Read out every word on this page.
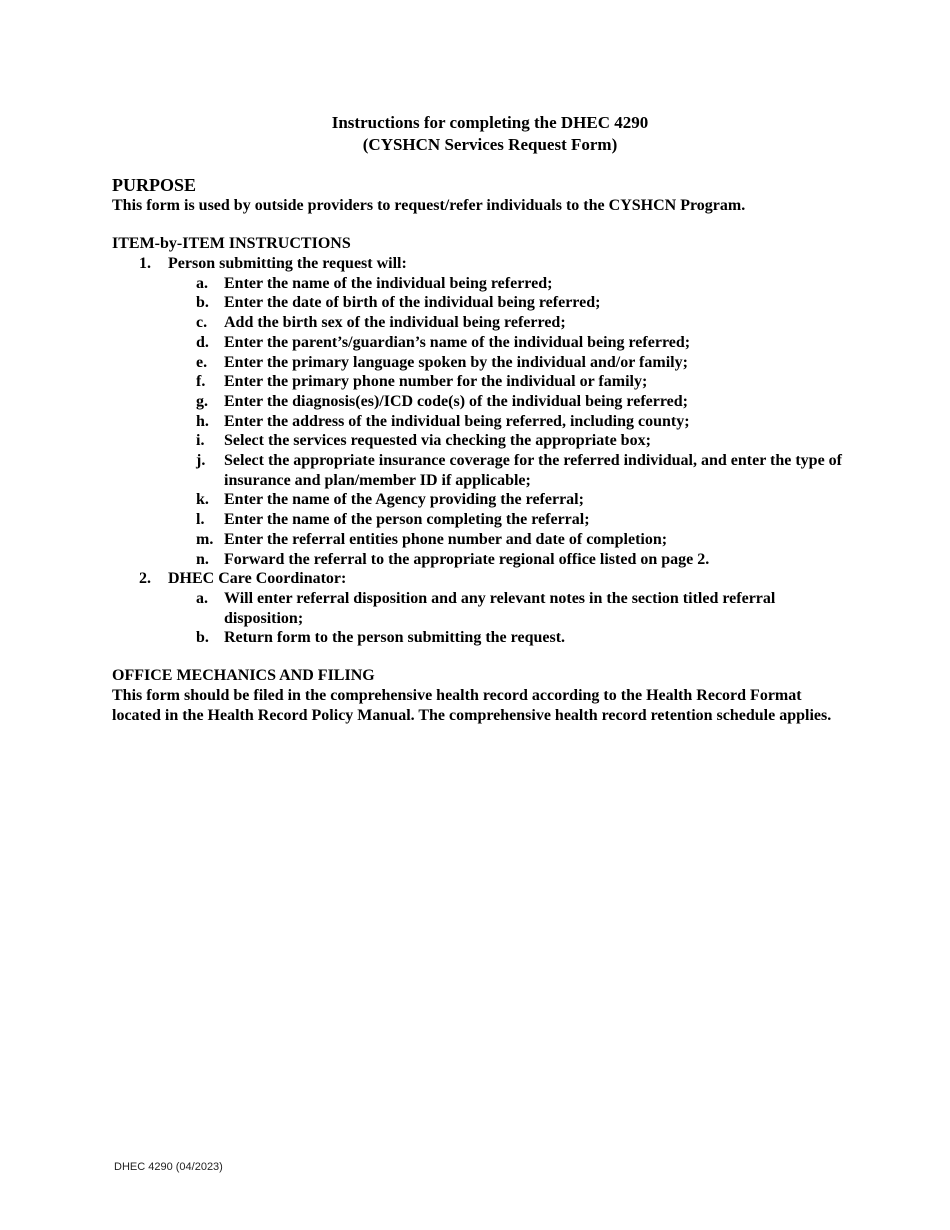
Instructions for completing the DHEC 4290
(CYSHCN Services Request Form)
PURPOSE
This form is used by outside providers to request/refer individuals to the CYSHCN Program.
ITEM-by-ITEM INSTRUCTIONS
1. Person submitting the request will:
a. Enter the name of the individual being referred;
b. Enter the date of birth of the individual being referred;
c. Add the birth sex of the individual being referred;
d. Enter the parent’s/guardian’s name of the individual being referred;
e. Enter the primary language spoken by the individual and/or family;
f. Enter the primary phone number for the individual or family;
g. Enter the diagnosis(es)/ICD code(s) of the individual being referred;
h. Enter the address of the individual being referred, including county;
i. Select the services requested via checking the appropriate box;
j. Select the appropriate insurance coverage for the referred individual, and enter the type of insurance and plan/member ID if applicable;
k. Enter the name of the Agency providing the referral;
l. Enter the name of the person completing the referral;
m. Enter the referral entities phone number and date of completion;
n. Forward the referral to the appropriate regional office listed on page 2.
2. DHEC Care Coordinator:
a. Will enter referral disposition and any relevant notes in the section titled referral disposition;
b. Return form to the person submitting the request.
OFFICE MECHANICS AND FILING
This form should be filed in the comprehensive health record according to the Health Record Format located in the Health Record Policy Manual. The comprehensive health record retention schedule applies.
DHEC 4290 (04/2023)
